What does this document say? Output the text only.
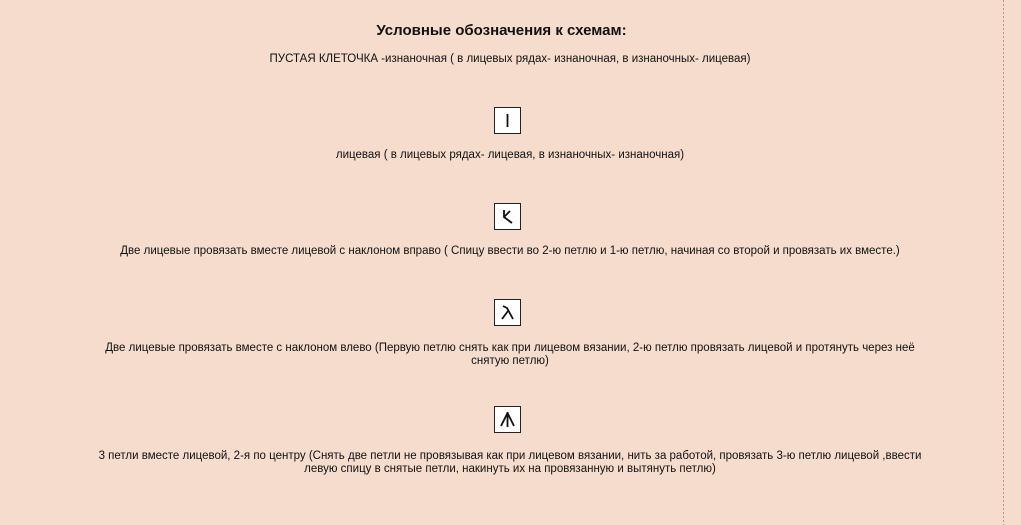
Условные обозначения к схемам:
ПУСТАЯ КЛЕТОЧКА -изнаночная ( в лицевых рядах- изнаночная, в изнаночных- лицевая)
лицевая ( в лицевых рядах- лицевая, в изнаночных- изнаночная)
Две лицевые провязать вместе лицевой с наклоном вправо ( Спицу ввести во 2-ю петлю и 1-ю петлю, начиная со второй и провязать их вместе.)
Две лицевые провязать вместе с наклоном влево (Первую петлю снять как при лицевом вязании, 2-ю петлю провязать лицевой и протянуть через неё
снятую петлю)
3 петли вместе лицевой, 2-я по центру (Снять две петли не провязывая как при лицевом вязании, нить за работой, провязать 3-ю петлю лицевой ,ввести
левую спицу в снятые петли, накинуть их на провязанную и вытянуть петлю)
